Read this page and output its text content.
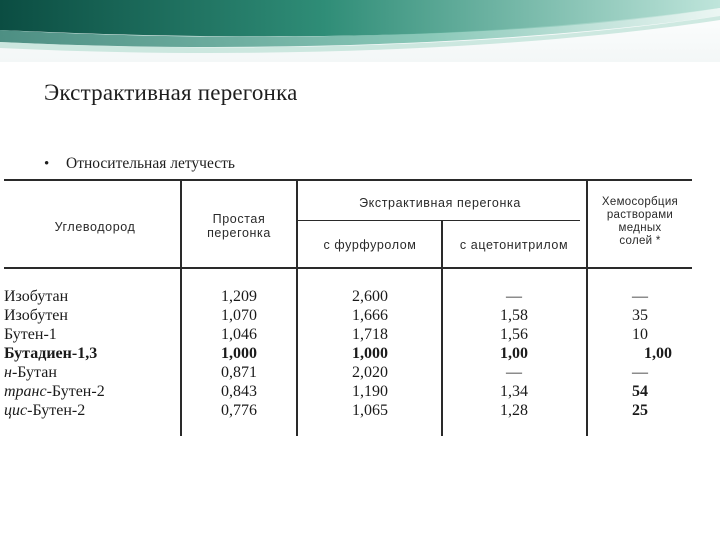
Экстрактивная перегонка
• Относительная летучесть
Углеводород
Простая
перегонка
Экстрактивная перегонка
с фурфуролом	с ацетонитрилом
Хемосорбция
растворами
медных
солей *
Изобутан	1,209	2,600	—	—
Изобутен	1,070	1,666	1,58	35
Бутен-1	1,046	1,718	1,56	10
Бутадиен-1,3	1,000	1,000	1,00	1,00
н-Бутан	0,871	2,020	—	—
транс-Бутен-2	0,843	1,190	1,34	54
цис-Бутен-2	0,776	1,065	1,28	25
